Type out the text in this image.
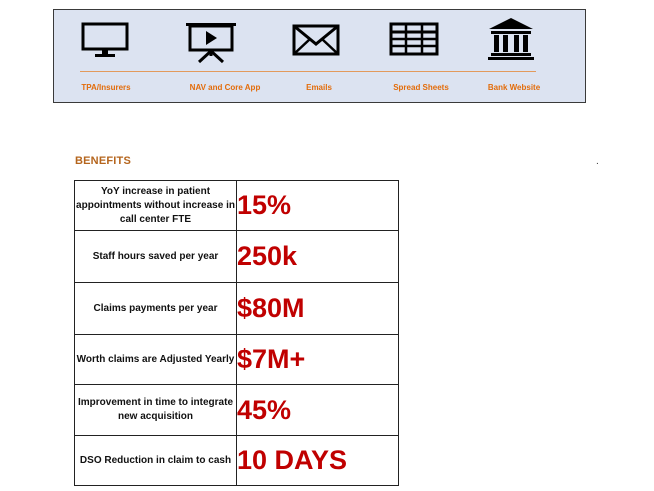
TPA/Insurers	NAV and Core App	Emails	Spread Sheets	Bank Website
BENEFITS	.
YoY increase in patient appointments without increase in call center FTE	15%
Staff hours saved per year	250k
Claims payments per year	$80M
Worth claims are Adjusted Yearly	$7M+
Improvement in time to integrate new acquisition	45%
DSO Reduction in claim to cash	10 DAYS
